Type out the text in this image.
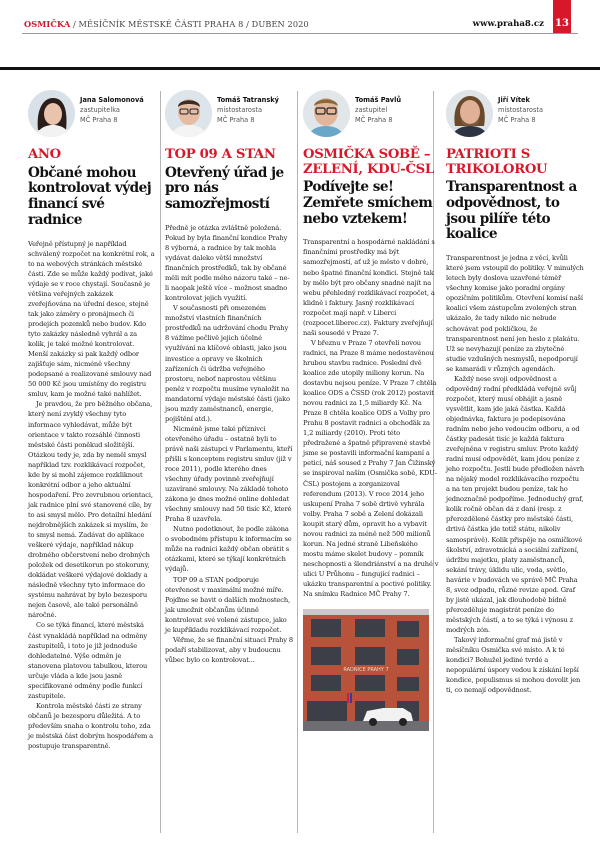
OSMIČKA / MĚSÍČNÍK MĚSTSKÉ ČÁSTI PRAHA 8 / DUBEN 2020	www.praha8.cz 13
Jana Salomonová
zastupitelka
MČ Praha 8
ANO
Občané mohou kontrolovat výdej financí své radnice

Veřejně přístupný je například schválený rozpočet na konkrétní rok, a to na webových stránkách městské části. Zde se může každý podívat, jaké výdaje se v roce chystají. Současně je většina veřejných zakázek zveřejňována na úřední desce, stejně tak jako záměry o pronájmech či prodejích pozemků nebo budov. Kdo tyto zakázky následně vyhrál a za kolik, je také možné kontrolovat. Menší zakázky si pak každý odbor zajišťuje sám, nicméně všechny podepsané a realizované smlouvy nad 50 000 Kč jsou umístěny do registru smluv, kam je možné také nahlížet.

Je pravdou, že pro běžného občana, který není zvyklý všechny tyto informace vyhledávat, může být orientace v takto rozsáhlé činnosti městské části poněkud složitější. Otázkou tedy je, zda by neměl smysl například tzv. rozklikávací rozpočet, kde by si mohl zájemce rozkliknout konkrétní odbor a jeho aktuální hospodaření. Pro zevrubnou orientaci, jak radnice plní své stanovené cíle, by to asi smysl mělo. Pro detailní hledání nejdrobnějších zakázek si myslím, že to smysl nemá. Zadávat do aplikace veškeré výdaje, například nákup drobného občerstvení nebo drobných položek od desetikorun po stokoruny, dokládat veškeré výdajové doklady a následně všechny tyto informace do systému nahrávat by bylo bezesporu nejen časově, ale také personálně náročné.

Co se týká financí, které městská část vynakládá například na odměny zastupitelů, i toto je již jednoduše dohledatelné. Výše odměn je stanovena platovou tabulkou, kterou určuje vláda a kde jsou jasně specifikované odměny podle funkcí zastupitele.

Kontrola městské části ze strany občanů je bezesporu důležitá. A to především snaha o kontrolu toho, zda je městská část dobrým hospodářem a postupuje transparentně.

Tomáš Tatranský
místostarosta
MČ Praha 8
TOP 09 A STAN
Otevřený úřad je pro nás samozřejmostí

Předně je otázka zvláštně položená. Pokud by byla finanční kondice Prahy 8 výborná, a radnice by tak mohla vydávat daleko větší množství finančních prostředků, tak by občané měli mít podle mého názoru také – ne-li naopak ještě více – možnost snadno kontrolovat jejich využití.

V současnosti při omezeném množství vlastních finančních prostředků na udržování chodu Prahy 8 vážíme pečlivě jejich účelné využívání na klíčové oblasti, jako jsou investice a opravy ve školních zařízeních či údržba veřejného prostoru, neboť naprostou většinu peněz v rozpočtu musíme vynaložit na mandatorní výdaje městské části (jako jsou mzdy zaměstnanců, energie, pojištění atd.).

Nicméně jsme také příznivci otevřeného úřadu – ostatně byli to právě naši zástupci v Parlamentu, kteří přišli s konceptem registru smluv (již v roce 2011), podle kterého dnes všechny úřady povinně zveřejňují uzavírané smlouvy. Na základě tohoto zákona je dnes možné online dohledat všechny smlouvy nad 50 tisíc Kč, které Praha 8 uzavřela.

Nutno podotknout, že podle zákona o svobodném přístupu k informacím se může na radnici každý občan obrátit s otázkami, které se týkají konkrétních výdajů.

TOP 09 a STAN podporuje otevřenost v maximální možné míře. Pojďme se bavit o dalších možnostech, jak umožnit občanům účinně kontrolovat své volené zástupce, jako je kupříkladu rozklikávací rozpočet.

Věřme, že se finanční situaci Prahy 8 podaří stabilizovat, aby v budoucnu vůbec bylo co kontrolovat...

Tomáš Pavlů
zastupitel
MČ Praha 8
OSMIČKA SOBĚ – ZELENÍ, KDU-ČSL
Podívejte se! Zemřete smíchem nebo vztekem!

Transparentní a hospodárné nakládání s finančními prostředky má být samozřejmostí, ať už je město v dobré, nebo špatné finanční kondici. Stejně tak by mělo být pro občany snadné najít na webu přehledný rozklikávací rozpočet, a klidně i faktury. Jasný rozklikávací rozpočet mají např. v Liberci (rozpocet.liberec.cz). Faktury zveřejňují naši sousedé v Praze 7.

V březnu v Praze 7 otevřeli novou radnici, na Praze 8 máme nedostavěnou hrubou stavbu radnice. Poslední dvě koalice zde utopily miliony korun. Na dostavbu nejsou peníze. V Praze 7 chtěla koalice ODS a ČSSD (rok 2012) postavit novou radnici za 1,5 miliardy Kč. Na Praze 8 chtěla koalice ODS a Volby pro Prahu 8 postavit radnici a obchoďák za 1,2 miliardy (2010). Proti této předražené a špatně připravené stavbě jsme se postavili informační kampaní a peticí, náš soused z Prahy 7 Jan Čižinský se inspiroval naším (Osmička sobě, KDU-ČSL) postojem a zorganizoval referendum (2013). V roce 2014 jeho uskupení Praha 7 sobě drtivě vyhrála volby. Praha 7 sobě a Zelení dokázali koupit starý dům, opravit ho a vybavit novou radnici za méně než 500 milionů korun. Na jedné straně Libeňského mostu máme skelet budovy – pomník neschopnosti a šlendriánství a na druhé v ulici U Průhonu – fungující radnici – ukázku transparentní a poctivé politiky. Na snímku Radnice MČ Prahy 7.

RADNICE PRAHY 7
Jiří Vítek
místostarosta
MČ Praha 8
PATRIOTI S TRIKOLOROU
Transparentnost a odpovědnost, to jsou pilíře této koalice

Transparentnost je jedna z věcí, kvůli které jsem vstoupil do politiky. V minulých letech byly doslova uzavřené téměř všechny komise jako poradní orgány opozičním politikům. Otevření komisí naší koalicí všem zástupcům zvolených stran ukázalo, že tady nikdo nic nebude schovávat pod pokličkou, že transparentnost není jen heslo z plakátu. Už se nevyhazují peníze za zbytečné studie vzdušných nesmyslů, nepodporují se kamarádi v různých agendách.

Každý nese svoji odpovědnost a odpovědný radní předkládá veřejně svůj rozpočet, který musí obhájit a jasně vysvětlit, kam jde jaká částka. Každá objednávka, faktura je podepisována radním nebo jeho vedoucím odboru, a od částky padesát tisíc je každá faktura zveřejněna v registru smluv. Proto každý radní musí odpovědět, kam jdou peníze z jeho rozpočtu. Jestli bude předložen návrh na nějaký model rozklikávacího rozpočtu a na ten projekt budou peníze, tak ho jednoznačně podpoříme. Jednoduchý graf, kolik ročně občan dá z daní (resp. z přerozdělené částky pro městské části, drtivá částka jde totiž státu, nikoliv samosprávě). Kolik přispěje na osmičkové školství, zdravotnická a sociální zařízení, údržbu majetku, platy zaměstnanců, sekání trávy, úklidu ulic, voda, světlo, havárie v budovách ve správě MČ Praha 8, svoz odpadu, různé revize apod. Graf by jistě ukázal, jak dlouhodobě bídně přerozděluje magistrát peníze do městských částí, a to se týká i výnosu z modrých zón.

Takový informační graf má jistě v měsíčníku Osmička své místo. A k té kondici? Bohužel jediné tvrdé a nepopulární úspory vedou k získání lepší kondice, populismus si mohou dovolit jen ti, co nemají odpovědnost.
